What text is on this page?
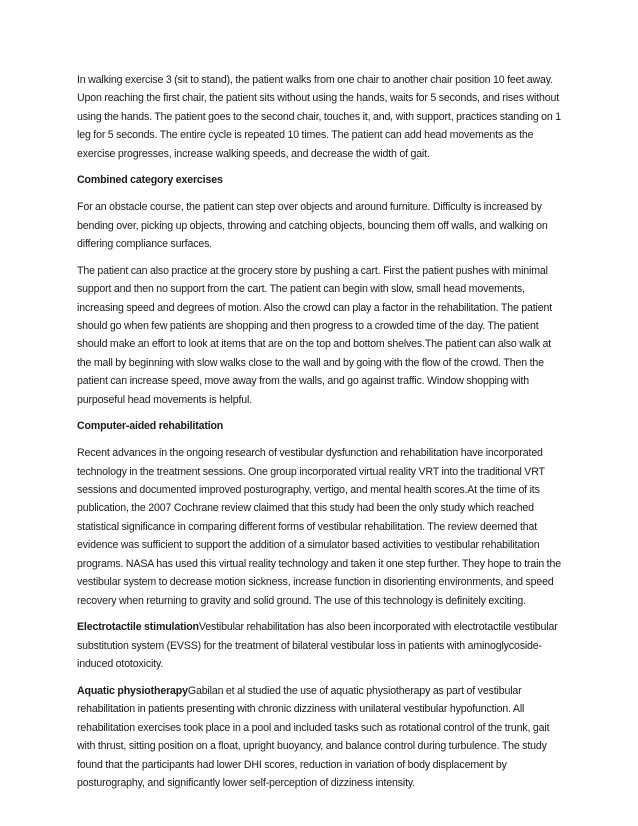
In walking exercise 3 (sit to stand), the patient walks from one chair to another chair position 10 feet away. Upon reaching the first chair, the patient sits without using the hands, waits for 5 seconds, and rises without using the hands. The patient goes to the second chair, touches it, and, with support, practices standing on 1 leg for 5 seconds. The entire cycle is repeated 10 times. The patient can add head movements as the exercise progresses, increase walking speeds, and decrease the width of gait.

Combined category exercises

For an obstacle course, the patient can step over objects and around furniture. Difficulty is increased by bending over, picking up objects, throwing and catching objects, bouncing them off walls, and walking on differing compliance surfaces.

The patient can also practice at the grocery store by pushing a cart. First the patient pushes with minimal support and then no support from the cart. The patient can begin with slow, small head movements, increasing speed and degrees of motion. Also the crowd can play a factor in the rehabilitation. The patient should go when few patients are shopping and then progress to a crowded time of the day. The patient should make an effort to look at items that are on the top and bottom shelves.The patient can also walk at the mall by beginning with slow walks close to the wall and by going with the flow of the crowd. Then the patient can increase speed, move away from the walls, and go against traffic. Window shopping with purposeful head movements is helpful.

Computer-aided rehabilitation

Recent advances in the ongoing research of vestibular dysfunction and rehabilitation have incorporated technology in the treatment sessions. One group incorporated virtual reality VRT into the traditional VRT sessions and documented improved posturography, vertigo, and mental health scores.At the time of its publication, the 2007 Cochrane review claimed that this study had been the only study which reached statistical significance in comparing different forms of vestibular rehabilitation. The review deemed that evidence was sufficient to support the addition of a simulator based activities to vestibular rehabilitation programs. NASA has used this virtual reality technology and taken it one step further. They hope to train the vestibular system to decrease motion sickness, increase function in disorienting environments, and speed recovery when returning to gravity and solid ground. The use of this technology is definitely exciting.

Electrotactile stimulationVestibular rehabilitation has also been incorporated with electrotactile vestibular substitution system (EVSS) for the treatment of bilateral vestibular loss in patients with aminoglycoside-induced ototoxicity.

Aquatic physiotherapyGabilan et al studied the use of aquatic physiotherapy as part of vestibular rehabilitation in patients presenting with chronic dizziness with unilateral vestibular hypofunction. All rehabilitation exercises took place in a pool and included tasks such as rotational control of the trunk, gait with thrust, sitting position on a float, upright buoyancy, and balance control during turbulence. The study found that the participants had lower DHI scores, reduction in variation of body displacement by posturography, and significantly lower self-perception of dizziness intensity.
